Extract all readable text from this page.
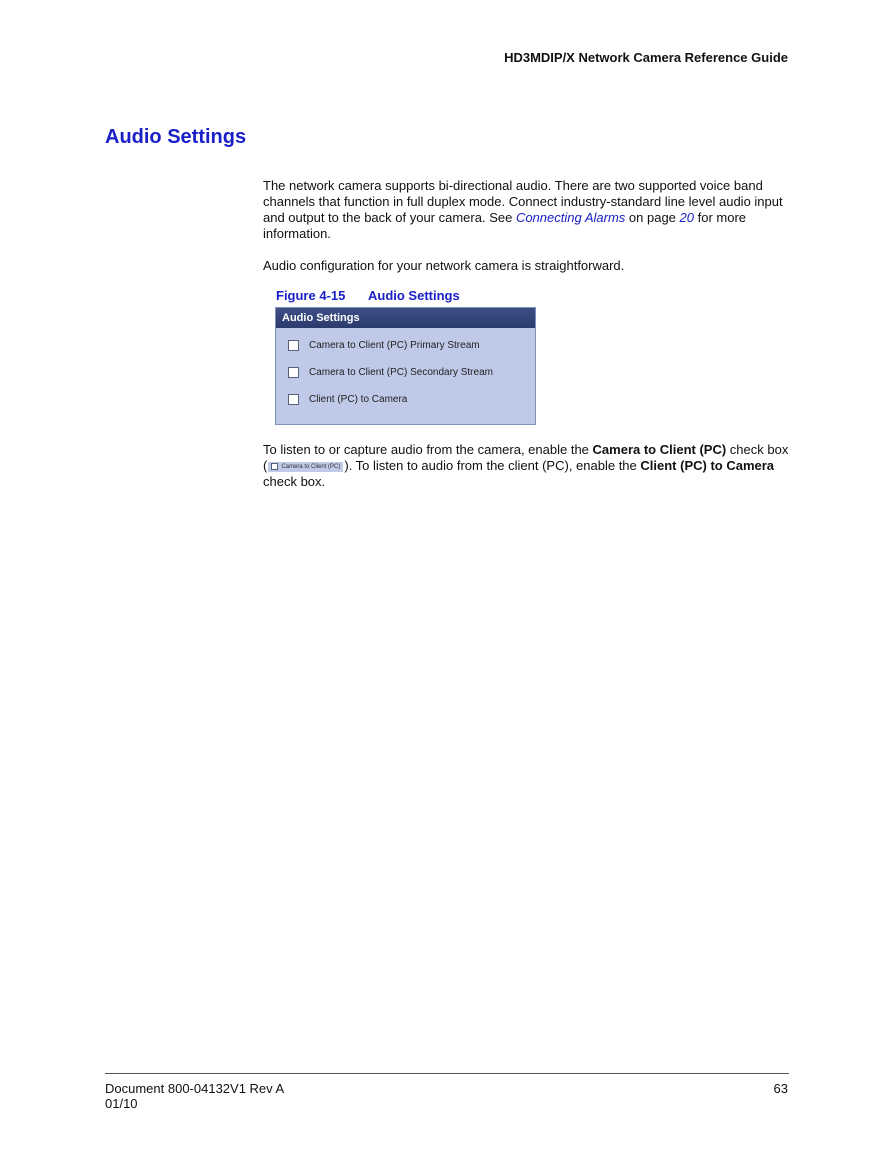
HD3MDIP/X Network Camera Reference Guide
Audio Settings
The network camera supports bi-directional audio. There are two supported voice band channels that function in full duplex mode. Connect industry-standard line level audio input and output to the back of your camera. See Connecting Alarms on page 20 for more information.
Audio configuration for your network camera is straightforward.
Figure 4-15 Audio Settings
Audio Settings
Camera to Client (PC) Primary Stream
Camera to Client (PC) Secondary Stream
Client (PC) to Camera
To listen to or capture audio from the camera, enable the Camera to Client (PC) check box ( Camera to Client (PC) ). To listen to audio from the client (PC), enable the Client (PC) to Camera check box.
Document 800-04132V1 Rev A
01/10
63
